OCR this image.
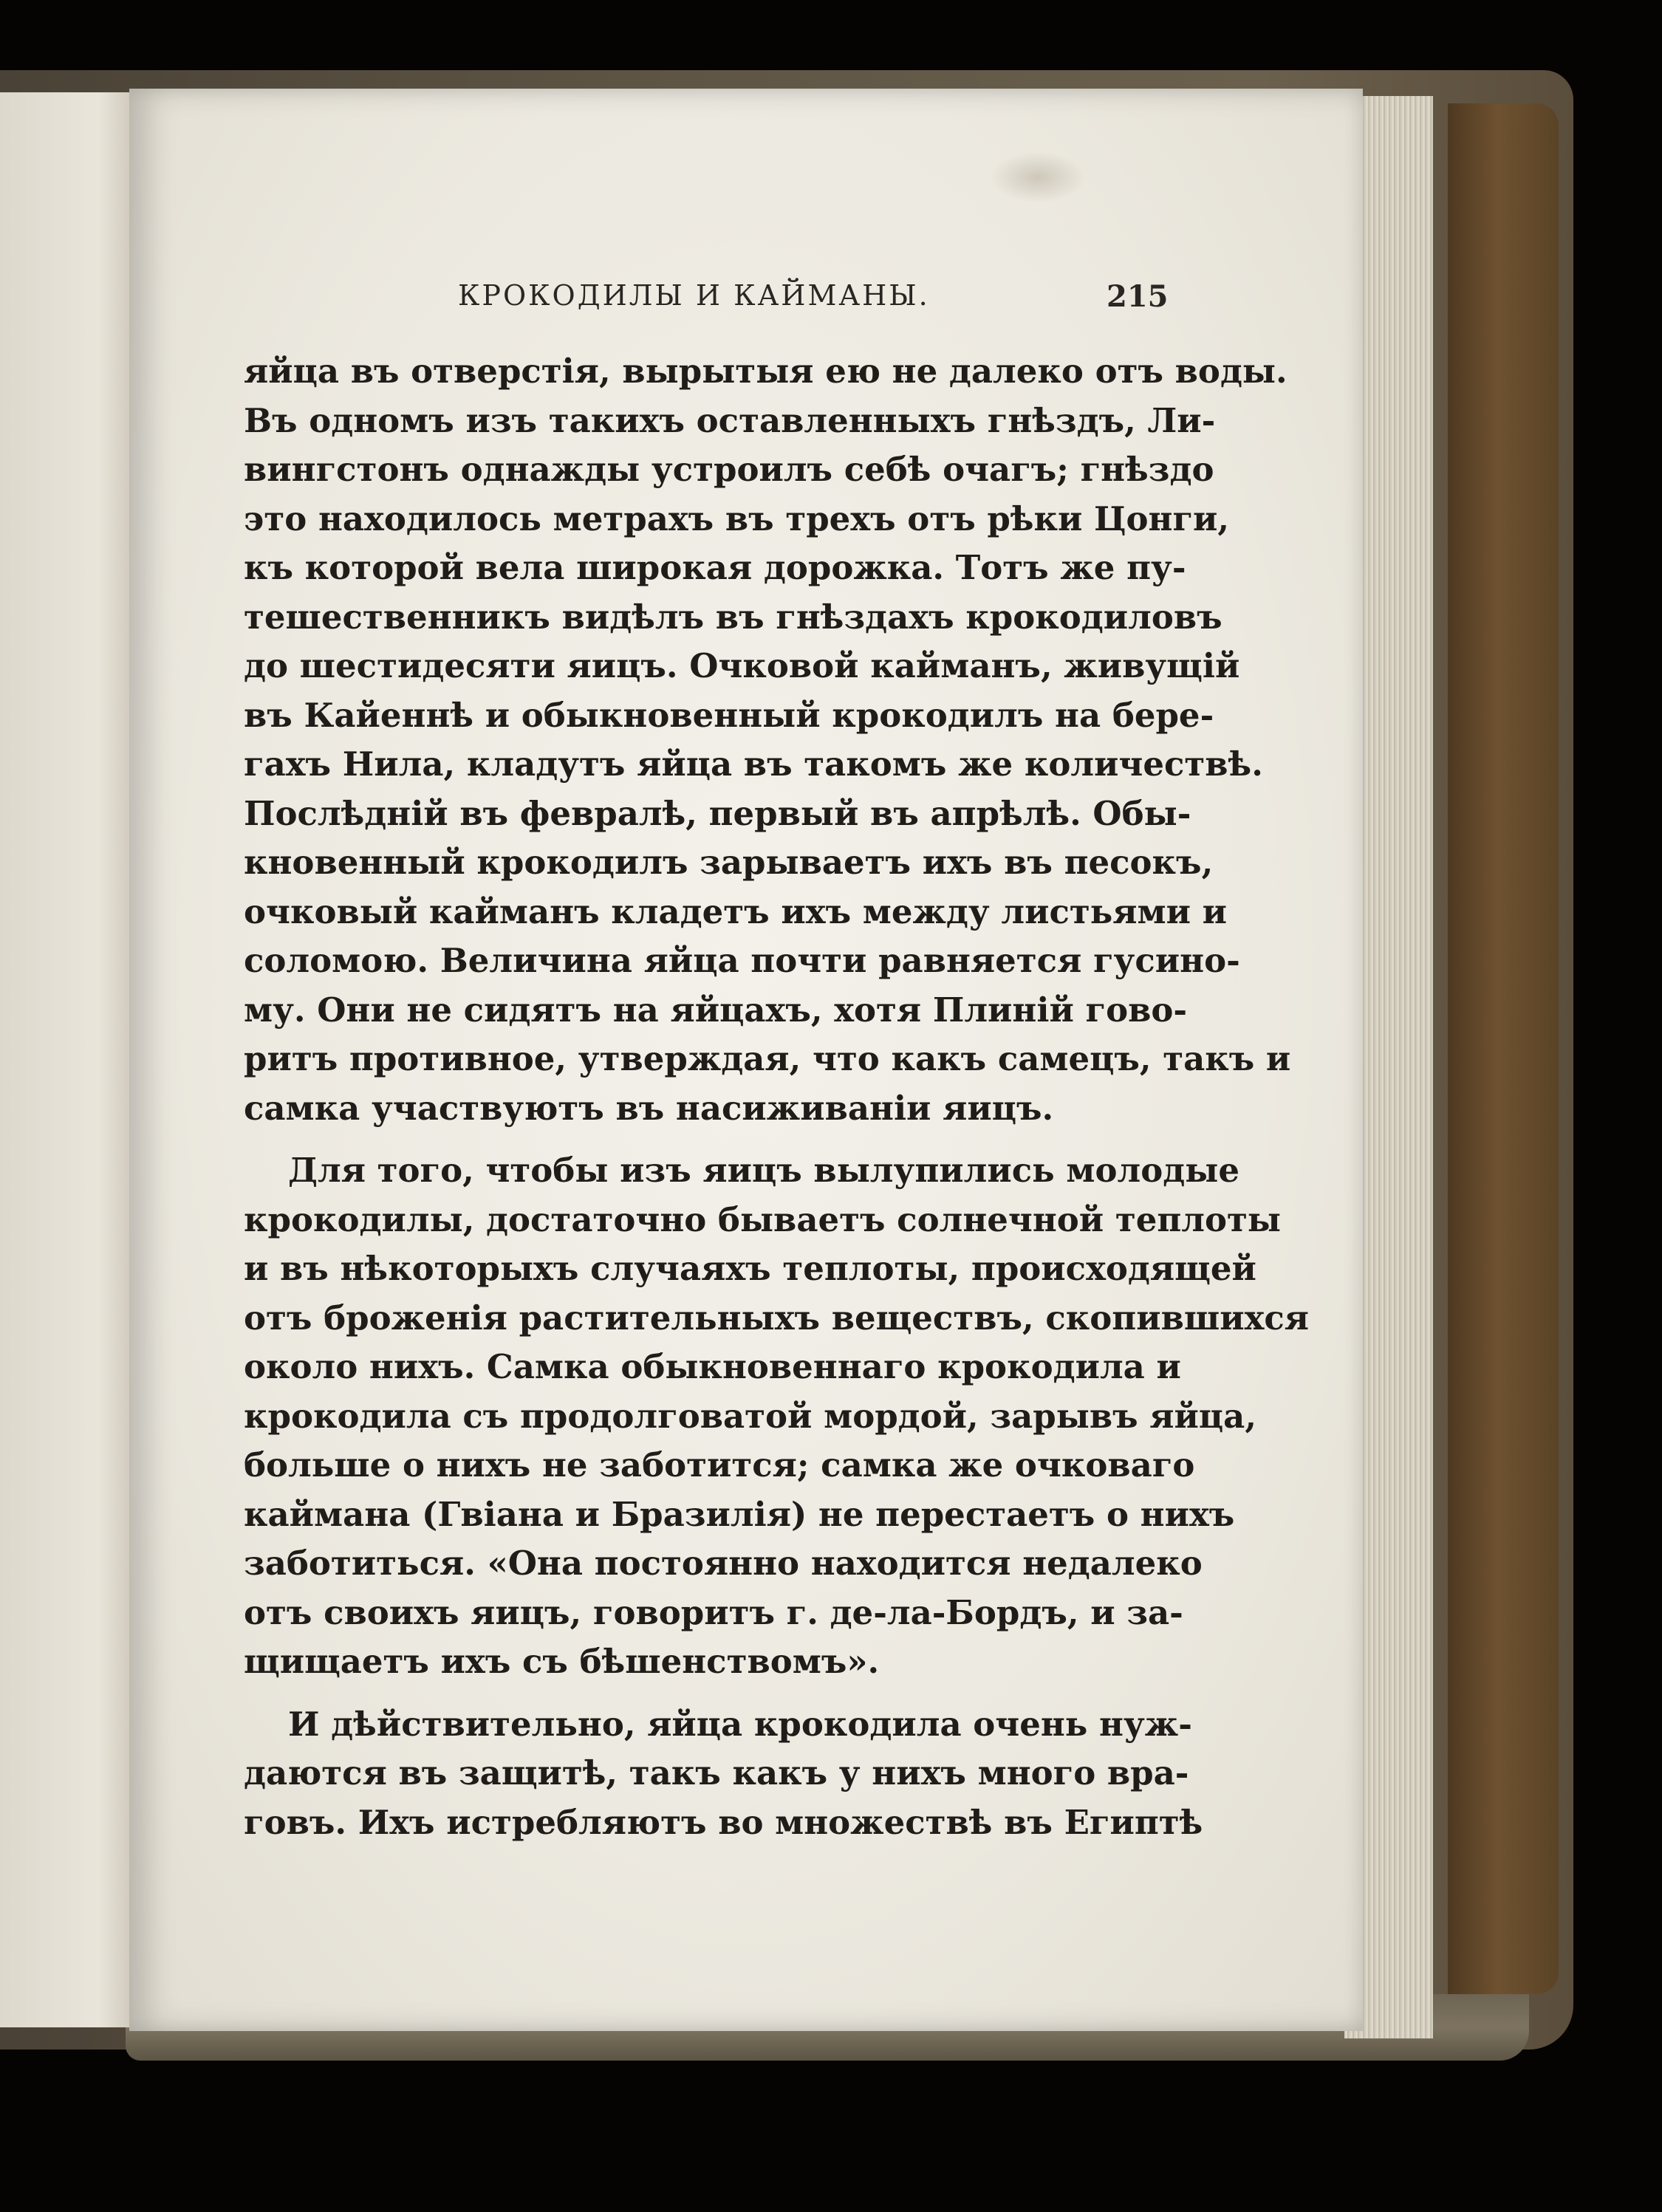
КРОКОДИЛЫ И КАЙМАНЫ.	215
яйца въ отверстія, вырытыя ею не далеко отъ воды.
Въ одномъ изъ такихъ оставленныхъ гнѣздъ, Ли-
вингстонъ однажды устроилъ себѣ очагъ; гнѣздо
это находилось метрахъ въ трехъ отъ рѣки Цонги,
къ которой вела широкая дорожка. Тотъ же пу-
тешественникъ видѣлъ въ гнѣздахъ крокодиловъ
до шестидесяти яицъ. Очковой кайманъ, живущій
въ Кайеннѣ и обыкновенный крокодилъ на бере-
гахъ Нила, кладутъ яйца въ такомъ же количествѣ.
Послѣдній въ февралѣ, первый въ апрѣлѣ. Обы-
кновенный крокодилъ зарываетъ ихъ въ песокъ,
очковый кайманъ кладетъ ихъ между листьями и
соломою. Величина яйца почти равняется гусино-
му. Они не сидятъ на яйцахъ, хотя Плиній гово-
ритъ противное, утверждая, что какъ самецъ, такъ и
самка участвуютъ въ насиживаніи яицъ.
Для того, чтобы изъ яицъ вылупились молодые
крокодилы, достаточно бываетъ солнечной теплоты
и въ нѣкоторыхъ случаяхъ теплоты, происходящей
отъ броженія растительныхъ веществъ, скопившихся
около нихъ. Самка обыкновеннаго крокодила и
крокодила съ продолговатой мордой, зарывъ яйца,
больше о нихъ не заботится; самка же очковаго
каймана (Гвіана и Бразилія) не перестаетъ о нихъ
заботиться. «Она постоянно находится недалеко
отъ своихъ яицъ, говоритъ г. де-ла-Бордъ, и за-
щищаетъ ихъ съ бѣшенствомъ».
И дѣйствительно, яйца крокодила очень нуж-
даются въ защитѣ, такъ какъ у нихъ много вра-
говъ. Ихъ истребляютъ во множествѣ въ Египтѣ
